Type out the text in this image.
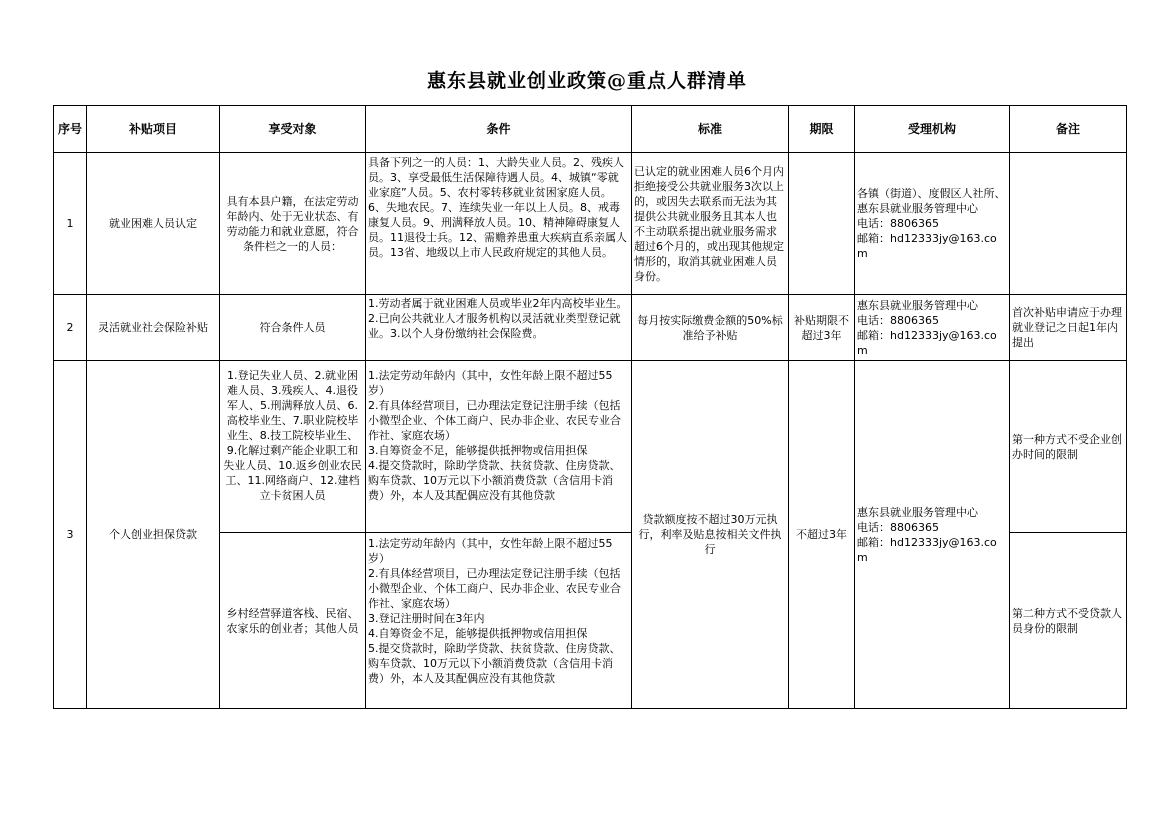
惠东县就业创业政策@重点人群清单
序号	补贴项目	享受对象	条件	标准	期限	受理机构	备注
1	就业困难人员认定	具有本县户籍，在法定劳动年龄内、处于无业状态、有劳动能力和就业意愿，符合条件栏之一的人员：	具备下列之一的人员：1、大龄失业人员。2、残疾人员。3、享受最低生活保障待遇人员。4、城镇“零就业家庭”人员。5、农村零转移就业贫困家庭人员。6、失地农民。7、连续失业一年以上人员。8、戒毒康复人员。9、刑满释放人员。10、精神障碍康复人员。11退役士兵。12、需赡养患重大疾病直系亲属人员。13省、地级以上市人民政府规定的其他人员。	已认定的就业困难人员6个月内拒绝接受公共就业服务3次以上的，或因失去联系而无法为其提供公共就业服务且其本人也不主动联系提出就业服务需求超过6个月的，或出现其他规定情形的，取消其就业困难人员身份。		各镇（街道）、度假区人社所、惠东县就业服务管理中心
电话：8806365
邮箱：hd12333jy@163.com	
2	灵活就业社会保险补贴	符合条件人员	1.劳动者属于就业困难人员或毕业2年内高校毕业生。2.已向公共就业人才服务机构以灵活就业类型登记就业。3.以个人身份缴纳社会保险费。	每月按实际缴费金额的50%标准给予补贴	补贴期限不超过3年	惠东县就业服务管理中心
电话：8806365
邮箱：hd12333jy@163.com	首次补贴申请应于办理就业登记之日起1年内提出
3	个人创业担保贷款	1.登记失业人员、2.就业困难人员、3.残疾人、4.退役军人、5.刑满释放人员、6.高校毕业生、7.职业院校毕业生、8.技工院校毕业生、9.化解过剩产能企业职工和失业人员、10.返乡创业农民工、11.网络商户、12.建档立卡贫困人员	1.法定劳动年龄内（其中，女性年龄上限不超过55岁）
2.有具体经营项目，已办理法定登记注册手续（包括小微型企业、个体工商户、民办非企业、农民专业合作社、家庭农场）
3.自筹资金不足，能够提供抵押物或信用担保
4.提交贷款时，除助学贷款、扶贫贷款、住房贷款、购车贷款、10万元以下小额消费贷款（含信用卡消费）外，本人及其配偶应没有其他贷款	贷款额度按不超过30万元执行，利率及贴息按相关文件执行	不超过3年	惠东县就业服务管理中心
电话：8806365
邮箱：hd12333jy@163.com	第一种方式不受企业创办时间的限制
		乡村经营驿道客栈、民宿、农家乐的创业者；其他人员	1.法定劳动年龄内（其中，女性年龄上限不超过55岁）
2.有具体经营项目，已办理法定登记注册手续（包括小微型企业、个体工商户、民办非企业、农民专业合作社、家庭农场）
3.登记注册时间在3年内
4.自筹资金不足，能够提供抵押物或信用担保
5.提交贷款时，除助学贷款、扶贫贷款、住房贷款、购车贷款、10万元以下小额消费贷款（含信用卡消费）外，本人及其配偶应没有其他贷款				第二种方式不受贷款人员身份的限制
